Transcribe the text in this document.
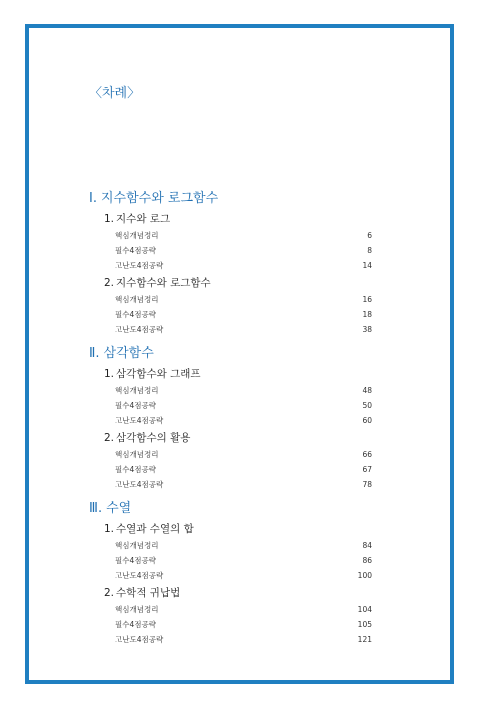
〈차례〉
Ⅰ. 지수함수와 로그함수
1. 지수와 로그
핵심개념정리	6
필수4점공략	8
고난도4점공략	14
2. 지수함수와 로그함수
핵심개념정리	16
필수4점공략	18
고난도4점공략	38
Ⅱ. 삼각함수
1. 삼각함수와 그래프
핵심개념정리	48
필수4점공략	50
고난도4점공략	60
2. 삼각함수의 활용
핵심개념정리	66
필수4점공략	67
고난도4점공략	78
Ⅲ. 수열
1. 수열과 수열의 합
핵심개념정리	84
필수4점공략	86
고난도4점공략	100
2. 수학적 귀납법
핵심개념정리	104
필수4점공략	105
고난도4점공략	121
